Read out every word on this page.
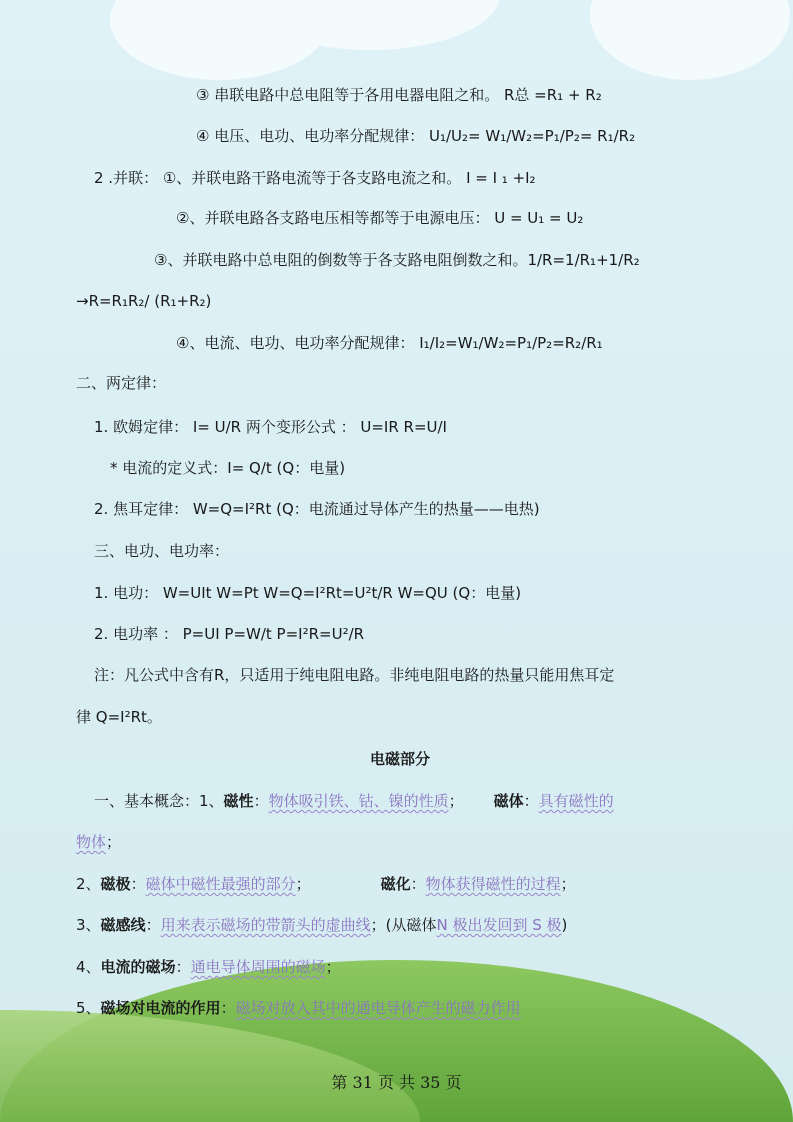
③ 串联电路中总电阻等于各用电器电阻之和。 R总 =R₁ + R₂
④ 电压、电功、电功率分配规律： U₁/U₂= W₁/W₂=P₁/P₂= R₁/R₂
2 .并联： ①、并联电路干路电流等于各支路电流之和。 I = I ₁ +I₂
②、并联电路各支路电压相等都等于电源电压： U = U₁ = U₂
③、并联电路中总电阻的倒数等于各支路电阻倒数之和。1/R=1/R₁+1/R₂
→R=R₁R₂/ (R₁+R₂)
④、电流、电功、电功率分配规律： I₁/I₂=W₁/W₂=P₁/P₂=R₂/R₁
二、两定律：
1. 欧姆定律： I= U/R 两个变形公式 ： U=IR R=U/I
* 电流的定义式：I= Q/t (Q：电量)
2. 焦耳定律： W=Q=I²Rt (Q：电流通过导体产生的热量——电热)
三、电功、电功率：
1. 电功： W=UIt W=Pt W=Q=I²Rt=U²t/R W=QU (Q：电量)
2. 电功率 ： P=UI P=W/t P=I²R=U²/R
注：凡公式中含有R，只适用于纯电阻电路。非纯电阻电路的热量只能用焦耳定
律 Q=I²Rt。
电磁部分
一、基本概念：1、磁性：物体吸引铁、钴、镍的性质； 磁体：具有磁性的
物体；
2、磁极：磁体中磁性最强的部分；	磁化：物体获得磁性的过程；
3、磁感线：用来表示磁场的带箭头的虚曲线；(从磁体N 极出发回到 S 极)
4、电流的磁场：通电导体周围的磁场；
5、磁场对电流的作用：磁场对放入其中的通电导体产生的磁力作用
第 31 页 共 35 页
